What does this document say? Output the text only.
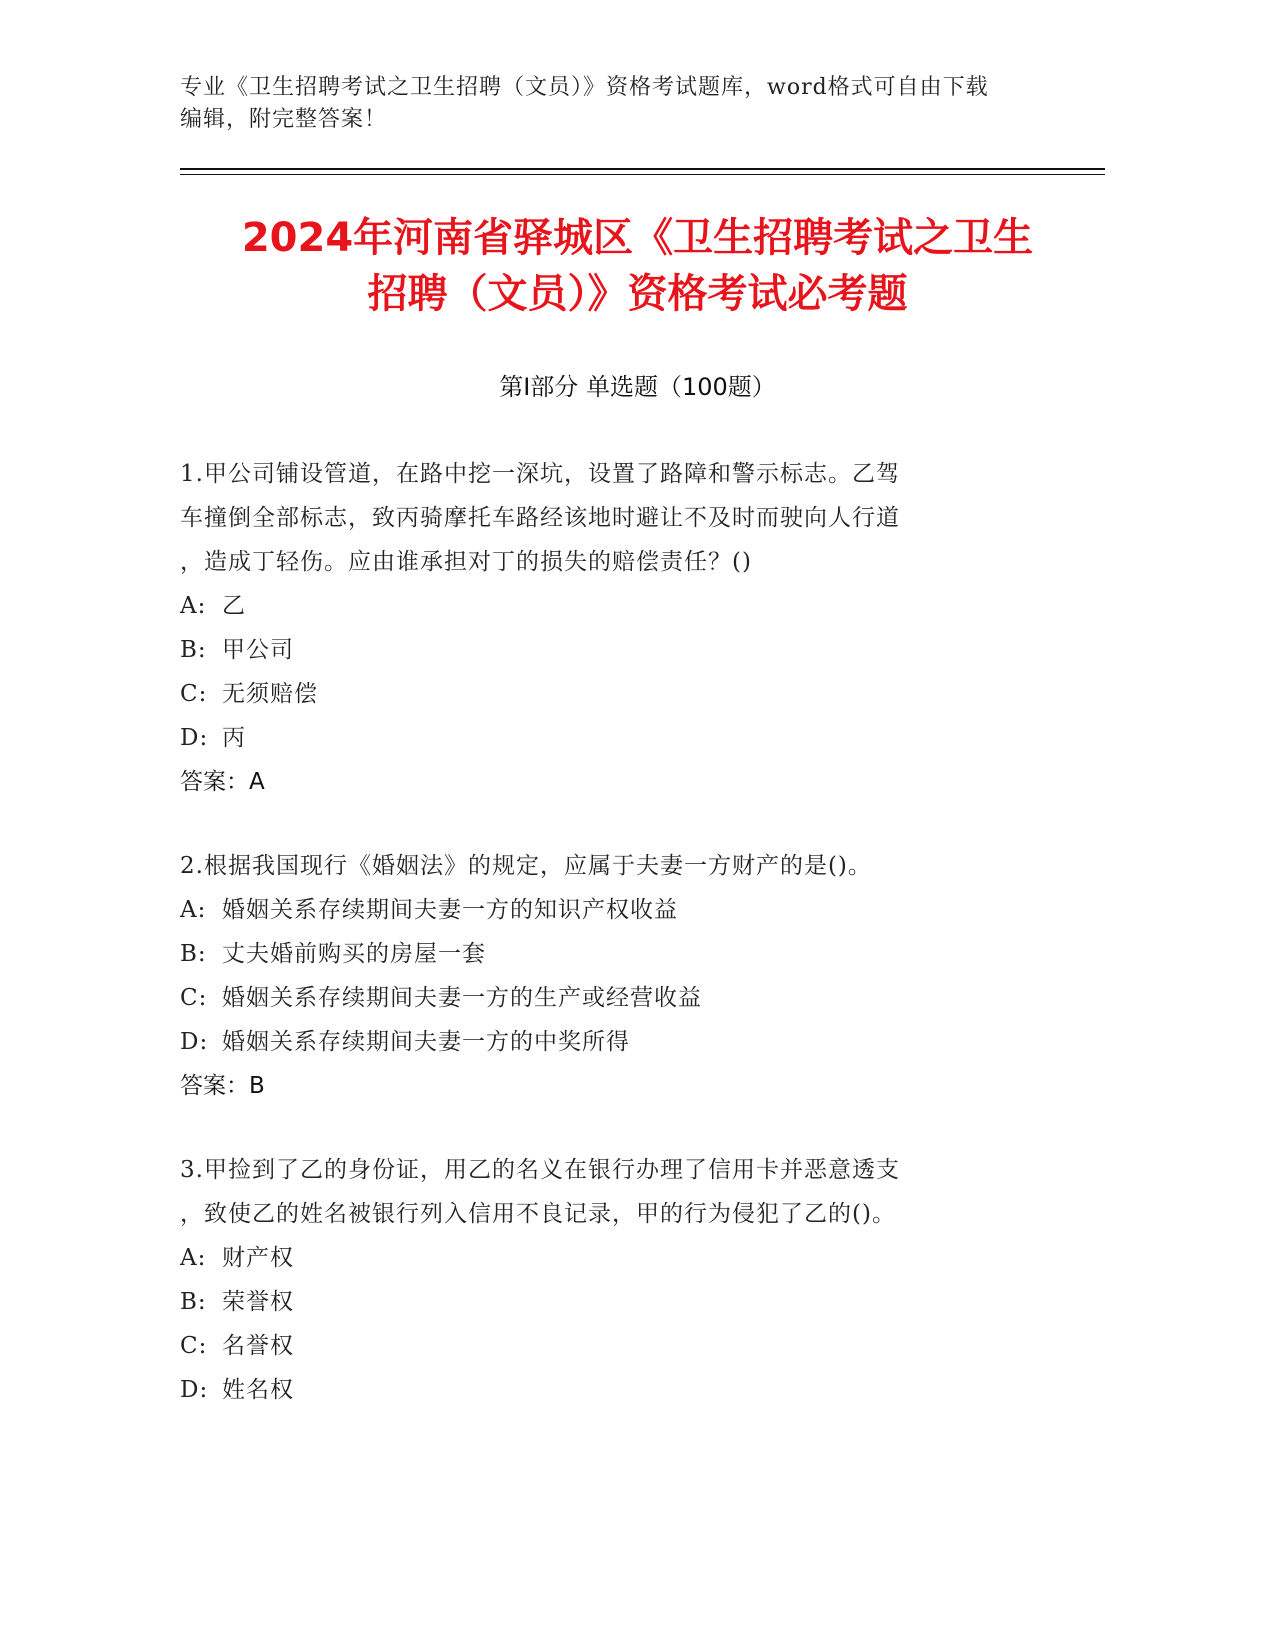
专业《卫生招聘考试之卫生招聘（文员）》资格考试题库，word格式可自由下载
编辑，附完整答案！
2024年河南省驿城区《卫生招聘考试之卫生
招聘（文员）》资格考试必考题
第Ⅰ部分 单选题（100题）
1.甲公司铺设管道，在路中挖一深坑，设置了路障和警示标志。乙驾
车撞倒全部标志，致丙骑摩托车路经该地时避让不及时而驶向人行道
，造成丁轻伤。应由谁承担对丁的损失的赔偿责任？()
A: 乙
B: 甲公司
C: 无须赔偿
D: 丙
答案：A
2.根据我国现行《婚姻法》的规定，应属于夫妻一方财产的是()。
A: 婚姻关系存续期间夫妻一方的知识产权收益
B: 丈夫婚前购买的房屋一套
C: 婚姻关系存续期间夫妻一方的生产或经营收益
D: 婚姻关系存续期间夫妻一方的中奖所得
答案：B
3.甲捡到了乙的身份证，用乙的名义在银行办理了信用卡并恶意透支
，致使乙的姓名被银行列入信用不良记录，甲的行为侵犯了乙的()。
A: 财产权
B: 荣誉权
C: 名誉权
D: 姓名权
